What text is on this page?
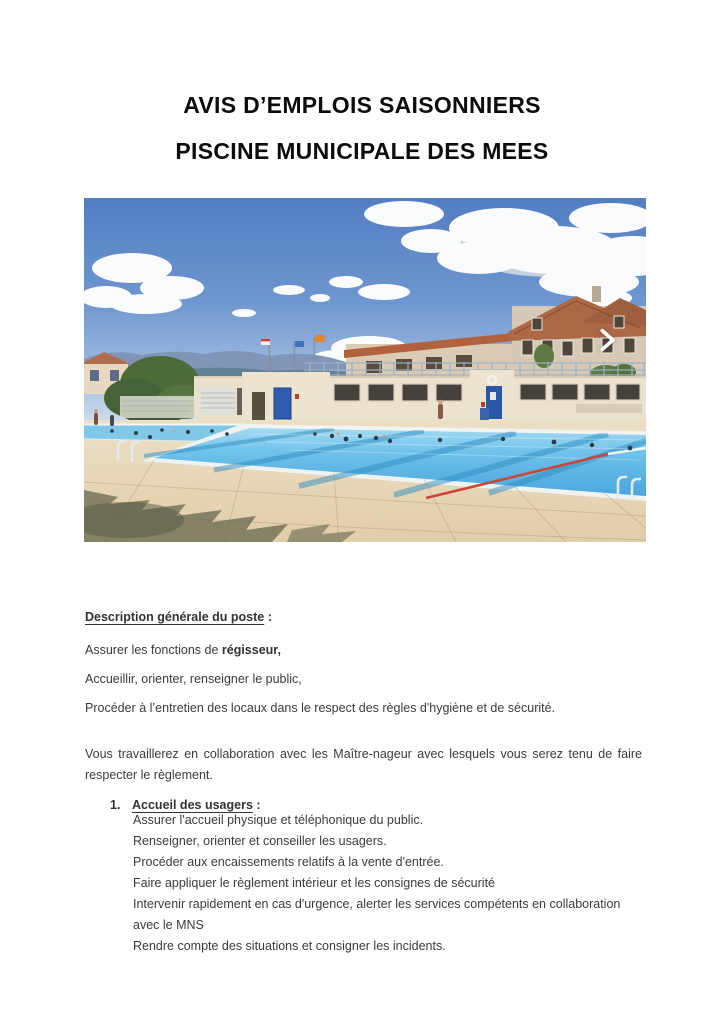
AVIS D’EMPLOIS SAISONNIERS
PISCINE MUNICIPALE DES MEES

Description générale du poste :

Assurer les fonctions de régisseur,

Accueillir, orienter, renseigner le public,

Procéder à l’entretien des locaux dans le respect des règles d'hygiène et de sécurité.

Vous travaillerez en collaboration avec les Maître-nageur avec lesquels vous serez tenu de faire respecter le règlement.

1. Accueil des usagers :
Assurer l'accueil physique et téléphonique du public.
Renseigner, orienter et conseiller les usagers.
Procéder aux encaissements relatifs à la vente d'entrée.
Faire appliquer le règlement intérieur et les consignes de sécurité
Intervenir rapidement en cas d'urgence, alerter les services compétents en collaboration avec le MNS
Rendre compte des situations et consigner les incidents.
